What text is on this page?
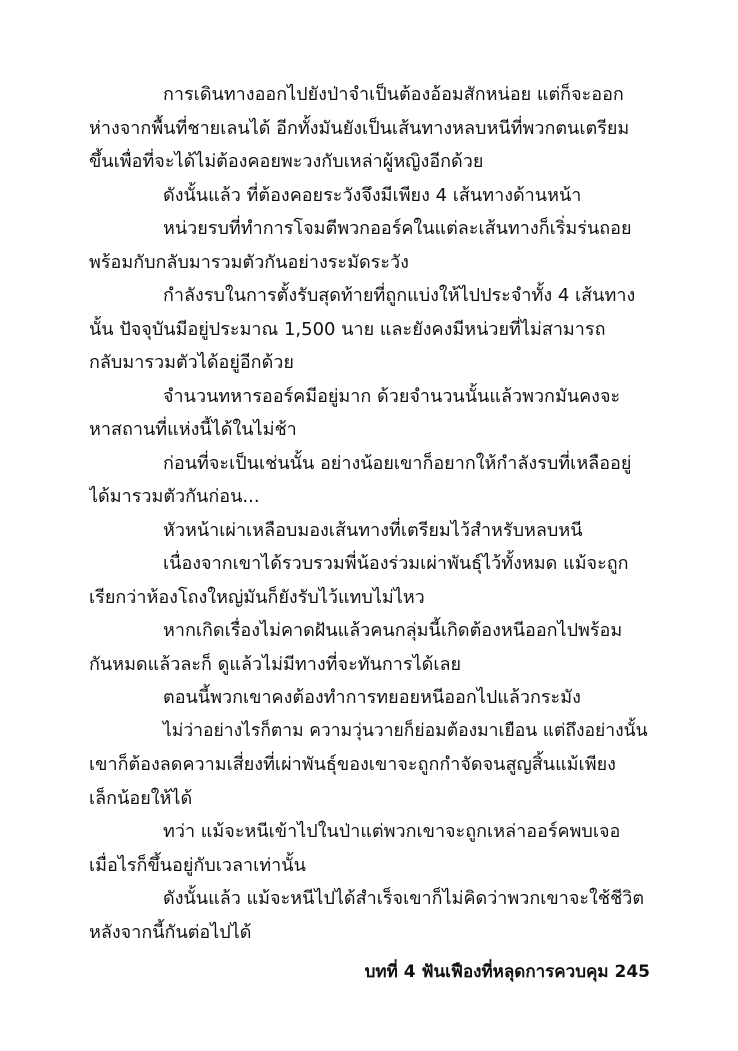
การเดินทางออกไปยังป่าจำเป็นต้องอ้อมสักหน่อย แต่ก็จะออก
ห่างจากพื้นที่ชายเลนได้ อีกทั้งมันยังเป็นเส้นทางหลบหนีที่พวกตนเตรียม
ขึ้นเพื่อที่จะได้ไม่ต้องคอยพะวงกับเหล่าผู้หญิงอีกด้วย
ดังนั้นแล้ว ที่ต้องคอยระวังจึงมีเพียง 4 เส้นทางด้านหน้า
หน่วยรบที่ทำการโจมตีพวกออร์คในแต่ละเส้นทางก็เริ่มร่นถอย
พร้อมกับกลับมารวมตัวกันอย่างระมัดระวัง
กำลังรบในการตั้งรับสุดท้ายที่ถูกแบ่งให้ไปประจำทั้ง 4 เส้นทาง
นั้น ปัจจุบันมีอยู่ประมาณ 1,500 นาย และยังคงมีหน่วยที่ไม่สามารถ
กลับมารวมตัวได้อยู่อีกด้วย
จำนวนทหารออร์คมีอยู่มาก ด้วยจำนวนนั้นแล้วพวกมันคงจะ
หาสถานที่แห่งนี้ได้ในไม่ช้า
ก่อนที่จะเป็นเช่นนั้น อย่างน้อยเขาก็อยากให้กำลังรบที่เหลืออยู่
ได้มารวมตัวกันก่อน...
หัวหน้าเผ่าเหลือบมองเส้นทางที่เตรียมไว้สำหรับหลบหนี
เนื่องจากเขาได้รวบรวมพี่น้องร่วมเผ่าพันธุ์ไว้ทั้งหมด แม้จะถูก
เรียกว่าห้องโถงใหญ่มันก็ยังรับไว้แทบไม่ไหว
หากเกิดเรื่องไม่คาดฝันแล้วคนกลุ่มนี้เกิดต้องหนีออกไปพร้อม
กันหมดแล้วละก็ ดูแล้วไม่มีทางที่จะทันการได้เลย
ตอนนี้พวกเขาคงต้องทำการทยอยหนีออกไปแล้วกระมัง
ไม่ว่าอย่างไรก็ตาม ความวุ่นวายก็ย่อมต้องมาเยือน แต่ถึงอย่างนั้น
เขาก็ต้องลดความเสี่ยงที่เผ่าพันธุ์ของเขาจะถูกกำจัดจนสูญสิ้นแม้เพียง
เล็กน้อยให้ได้
ทว่า แม้จะหนีเข้าไปในป่าแต่พวกเขาจะถูกเหล่าออร์คพบเจอ
เมื่อไรก็ขึ้นอยู่กับเวลาเท่านั้น
ดังนั้นแล้ว แม้จะหนีไปได้สำเร็จเขาก็ไม่คิดว่าพวกเขาจะใช้ชีวิต
หลังจากนี้กันต่อไปได้
บทที่ 4 ฟันเฟืองที่หลุดการควบคุม 245
